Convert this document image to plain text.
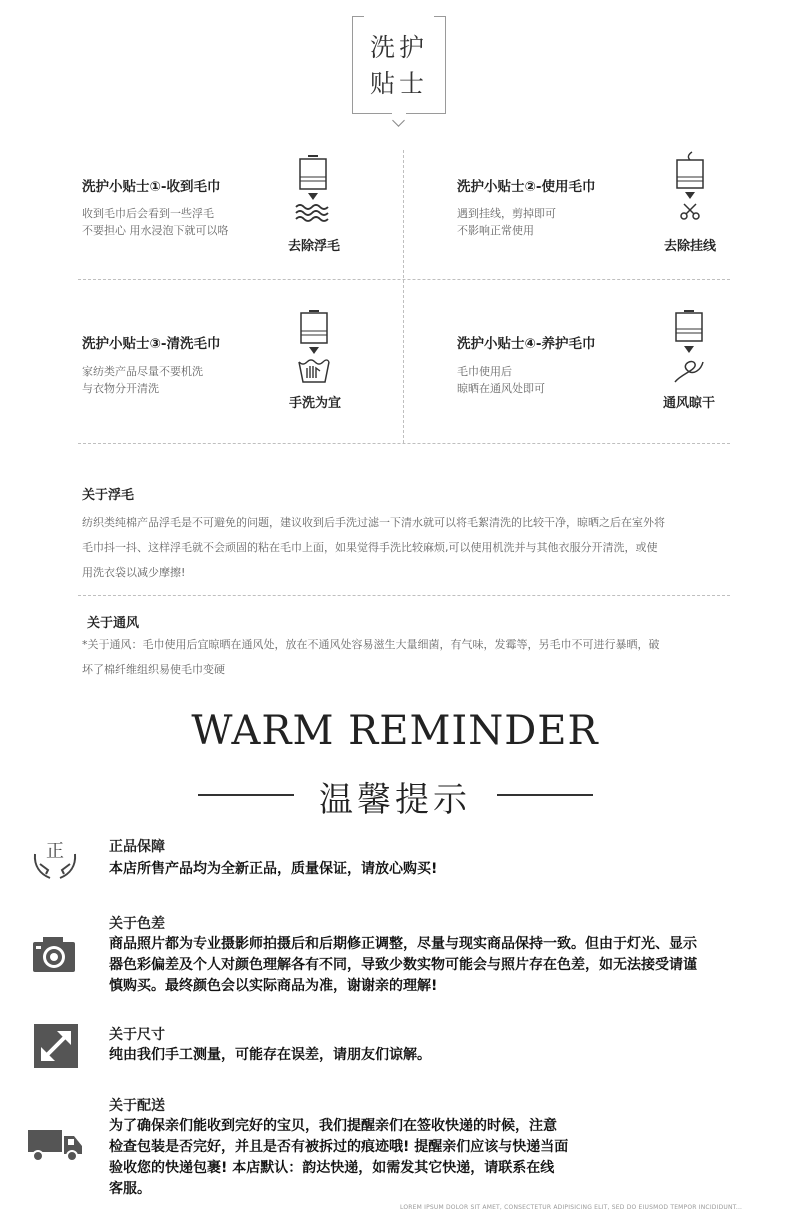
洗护
贴士
洗护小贴士①-收到毛巾
收到毛巾后会看到一些浮毛
不要担心 用水浸泡下就可以咯
去除浮毛
洗护小贴士②-使用毛巾
遇到挂线，剪掉即可
不影响正常使用
去除挂线
洗护小贴士③-清洗毛巾
家纺类产品尽量不要机洗
与衣物分开清洗
手洗为宜
洗护小贴士④-养护毛巾
毛巾使用后
晾晒在通风处即可
通风晾干
关于浮毛
纺织类纯棉产品浮毛是不可避免的问题，建议收到后手洗过滤一下清水就可以将毛絮清洗的比较干净，晾晒之后在室外将
毛巾抖一抖、这样浮毛就不会顽固的粘在毛巾上面，如果觉得手洗比较麻烦,可以使用机洗并与其他衣服分开清洗，或使
用洗衣袋以减少摩擦!
关于通风
*关于通风：毛巾使用后宜晾晒在通风处，放在不通风处容易滋生大量细菌，有气味，发霉等，另毛巾不可进行暴晒，破
坏了棉纤维组织易使毛巾变硬
WARM REMINDER
温馨提示
正	正品保障
本店所售产品均为全新正品，质量保证，请放心购买!
关于色差
商品照片都为专业摄影师拍摄后和后期修正调整，尽量与现实商品保持一致。但由于灯光、显示
器色彩偏差及个人对颜色理解各有不同，导致少数实物可能会与照片存在色差，如无法接受请谨
慎购买。最终颜色会以实际商品为准，谢谢亲的理解!
关于尺寸
纯由我们手工测量，可能存在误差，请朋友们谅解。
关于配送
为了确保亲们能收到完好的宝贝，我们提醒亲们在签收快递的时候，注意
检查包装是否完好，并且是否有被拆过的痕迹哦! 提醒亲们应该与快递当面
验收您的快递包裹! 本店默认：韵达快递，如需发其它快递，请联系在线
客服。
LOREM IPSUM DOLOR SIT AMET, CONSECTETUR ADIPISICING ELIT, SED DO EIUSMOD TEMPOR INCIDIDUNT...
